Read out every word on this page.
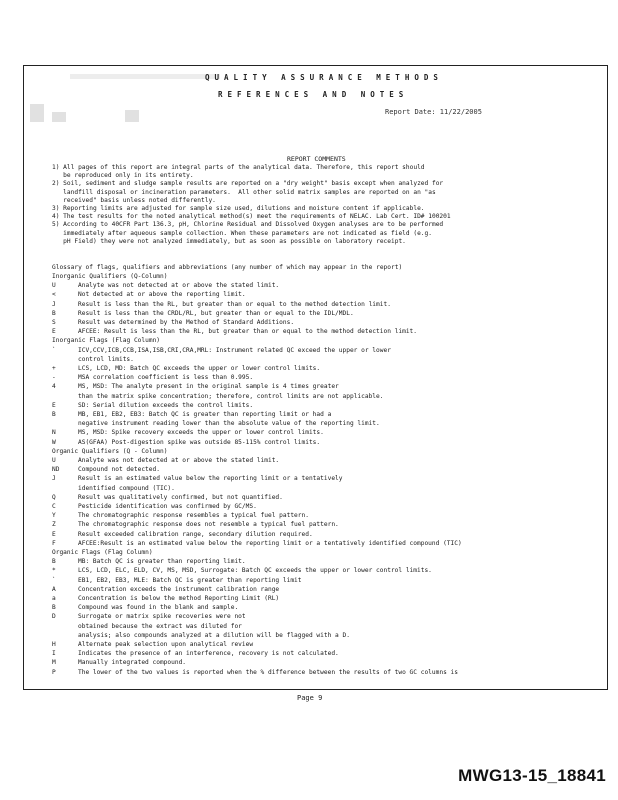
QUALITY ASSURANCE METHODS
REFERENCES AND NOTES
Report Date: 11/22/2005
REPORT COMMENTS
1) All pages of this report are integral parts of the analytical data. Therefore, this report should
be reproduced only in its entirety.
2) Soil, sediment and sludge sample results are reported on a "dry weight" basis except when analyzed for
landfill disposal or incineration parameters.  All other solid matrix samples are reported on an "as
received" basis unless noted differently.
3) Reporting limits are adjusted for sample size used, dilutions and moisture content if applicable.
4) The test results for the noted analytical method(s) meet the requirements of NELAC. Lab Cert. ID# 100201
5) According to 40CFR Part 136.3, pH, Chlorine Residual and Dissolved Oxygen analyses are to be performed
immediately after aqueous sample collection. When these parameters are not indicated as field (e.g.
pH Field) they were not analyzed immediately, but as soon as possible on laboratory receipt.
Glossary of flags, qualifiers and abbreviations (any number of which may appear in the report)
Inorganic Qualifiers (Q-Column)
U	Analyte was not detected at or above the stated limit.
<	Not detected at or above the reporting limit.
J	Result is less than the RL, but greater than or equal to the method detection limit.
B	Result is less than the CRDL/RL, but greater than or equal to the IDL/MDL.
S	Result was determined by the Method of Standard Additions.
E	AFCEE: Result is less than the RL, but greater than or equal to the method detection limit.
Inorganic Flags (Flag Column)
`	ICV,CCV,ICB,CCB,ISA,ISB,CRI,CRA,MRL: Instrument related QC exceed the upper or lower
control limits.
+	LCS, LCD, MD: Batch QC exceeds the upper or lower control limits.
-	MSA correlation coefficient is less than 0.995.
4	MS, MSD: The analyte present in the original sample is 4 times greater
than the matrix spike concentration; therefore, control limits are not applicable.
E	SD: Serial dilution exceeds the control limits.
B	MB, EB1, EB2, EB3: Batch QC is greater than reporting limit or had a
negative instrument reading lower than the absolute value of the reporting limit.
N	MS, MSD: Spike recovery exceeds the upper or lower control limits.
W	AS(GFAA) Post-digestion spike was outside 85-115% control limits.
Organic Qualifiers (Q - Column)
U	Analyte was not detected at or above the stated limit.
ND	Compound not detected.
J	Result is an estimated value below the reporting limit or a tentatively
identified compound (TIC).
Q	Result was qualitatively confirmed, but not quantified.
C	Pesticide identification was confirmed by GC/MS.
Y	The chromatographic response resembles a typical fuel pattern.
Z	The chromatographic response does not resemble a typical fuel pattern.
E	Result exceeded calibration range, secondary dilution required.
F	AFCEE:Result is an estimated value below the reporting limit or a tentatively identified compound (TIC)
Organic Flags (Flag Column)
B	MB: Batch QC is greater than reporting limit.
*	LCS, LCD, ELC, ELD, CV, MS, MSD, Surrogate: Batch QC exceeds the upper or lower control limits.
`	EB1, EB2, EB3, MLE: Batch QC is greater than reporting limit
A	Concentration exceeds the instrument calibration range
a	Concentration is below the method Reporting Limit (RL)
B	Compound was found in the blank and sample.
D	Surrogate or matrix spike recoveries were not
obtained because the extract was diluted for
analysis; also compounds analyzed at a dilution will be flagged with a D.
H	Alternate peak selection upon analytical review
I	Indicates the presence of an interference, recovery is not calculated.
M	Manually integrated compound.
P	The lower of the two values is reported when the % difference between the results of two GC columns is
Page 9
MWG13-15_18841
